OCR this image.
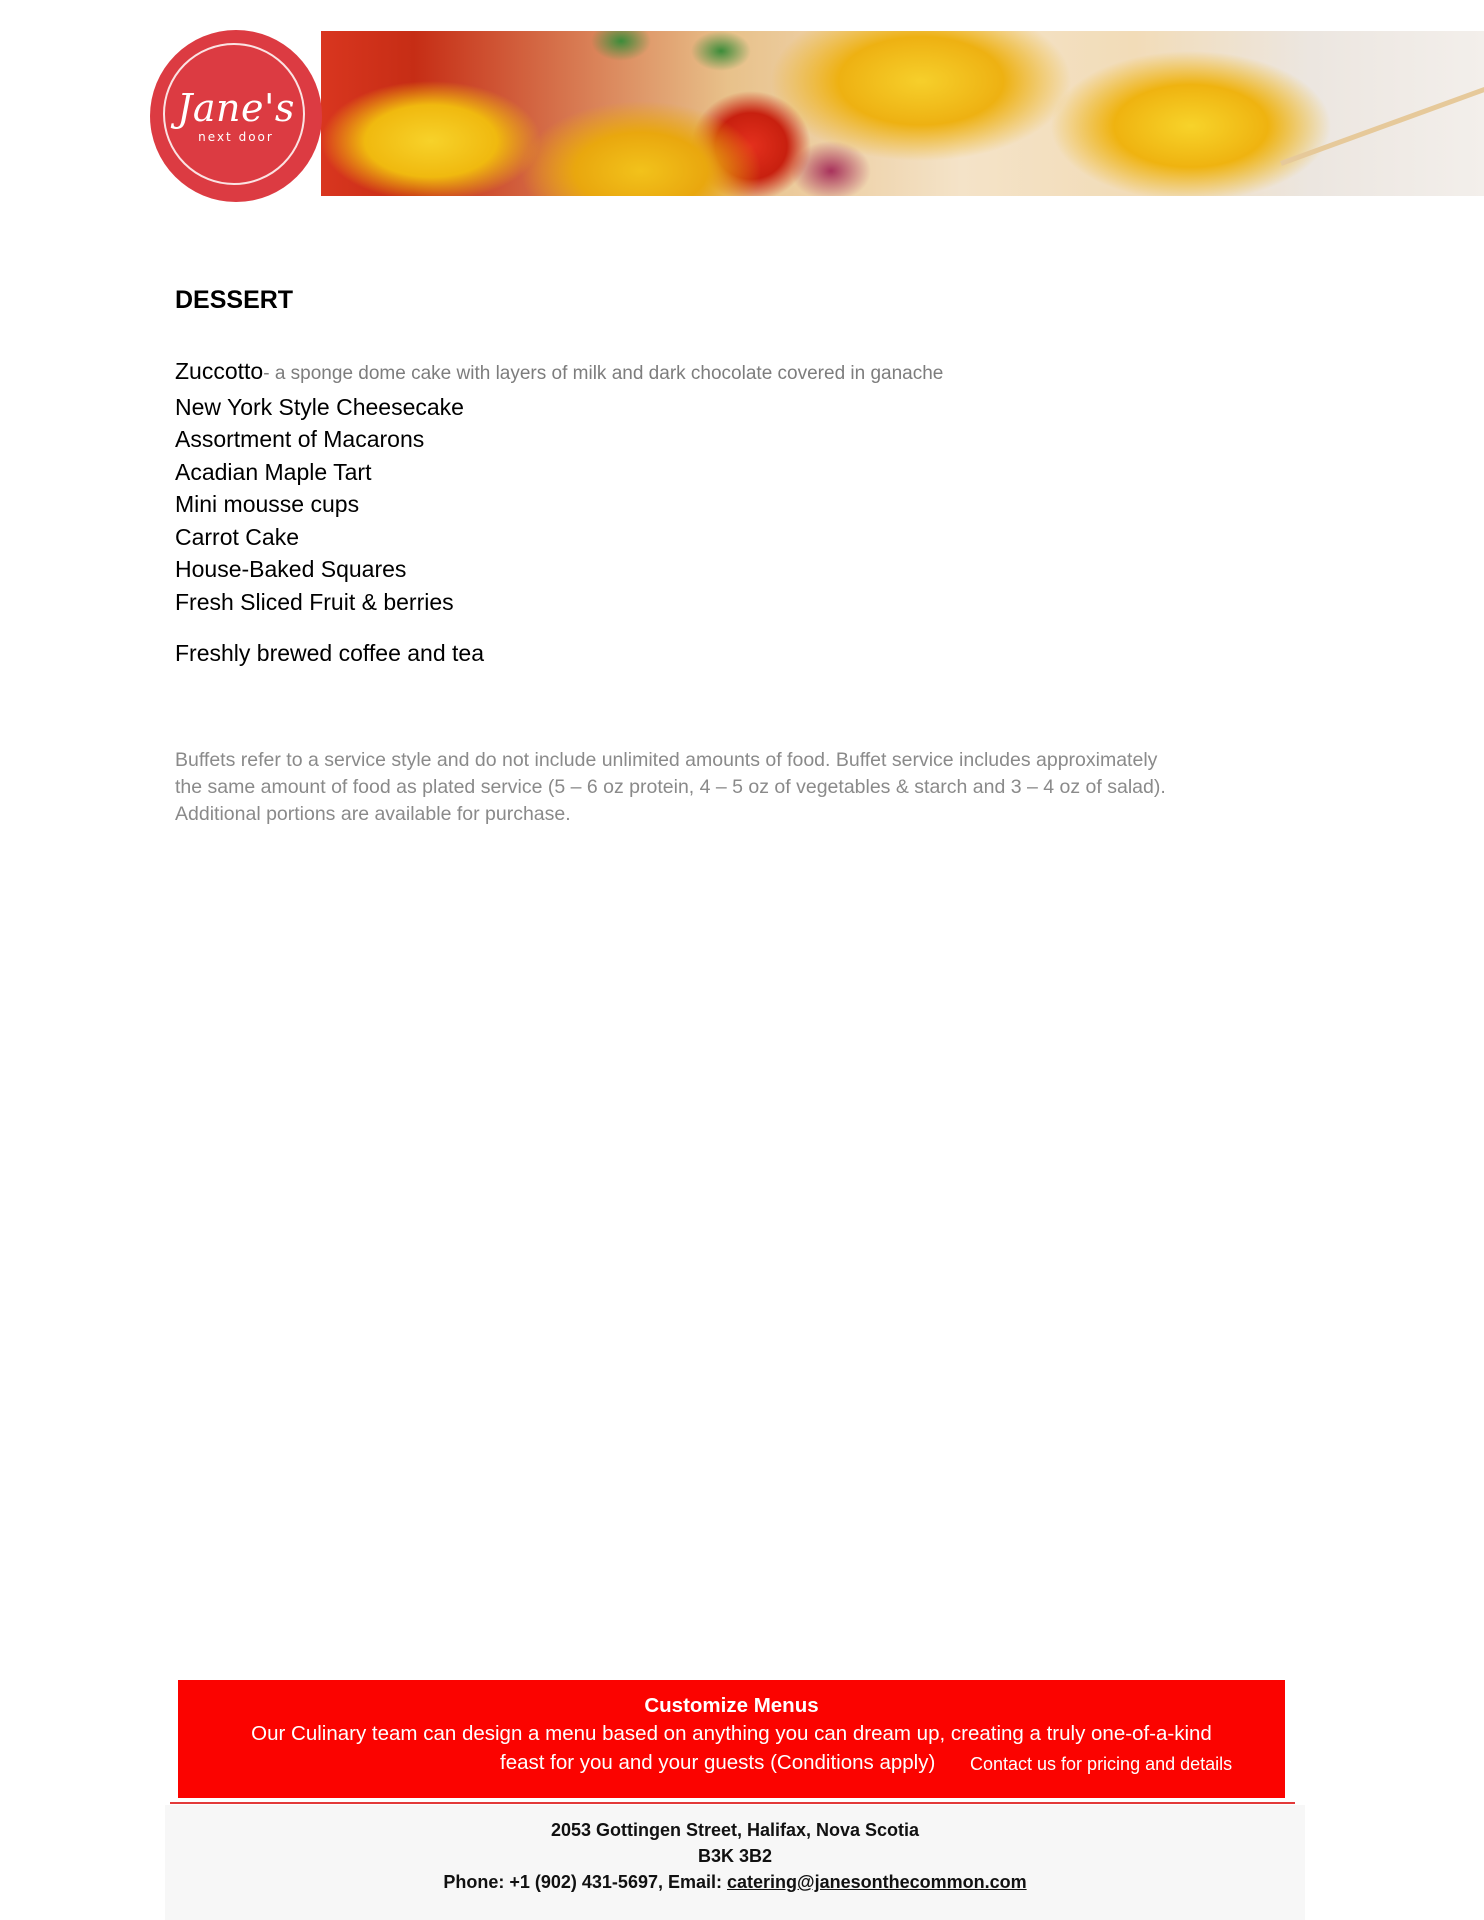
Jane's
next door
DESSERT
Zuccotto- a sponge dome cake with layers of milk and dark chocolate covered in ganache
New York Style Cheesecake
Assortment of Macarons
Acadian Maple Tart
Mini mousse cups
Carrot Cake
House-Baked Squares
Fresh Sliced Fruit & berries
Freshly brewed coffee and tea
Buffets refer to a service style and do not include unlimited amounts of food. Buffet service includes approximately
the same amount of food as plated service (5 – 6 oz protein, 4 – 5 oz of vegetables & starch and 3 – 4 oz of salad).
Additional portions are available for purchase.
Customize Menus
Our Culinary team can design a menu based on anything you can dream up, creating a truly one-of-a-kind
feast for you and your guests (Conditions apply) Contact us for pricing and details
2053 Gottingen Street, Halifax, Nova Scotia
B3K 3B2
Phone: +1 (902) 431-5697, Email: catering@janesonthecommon.com
